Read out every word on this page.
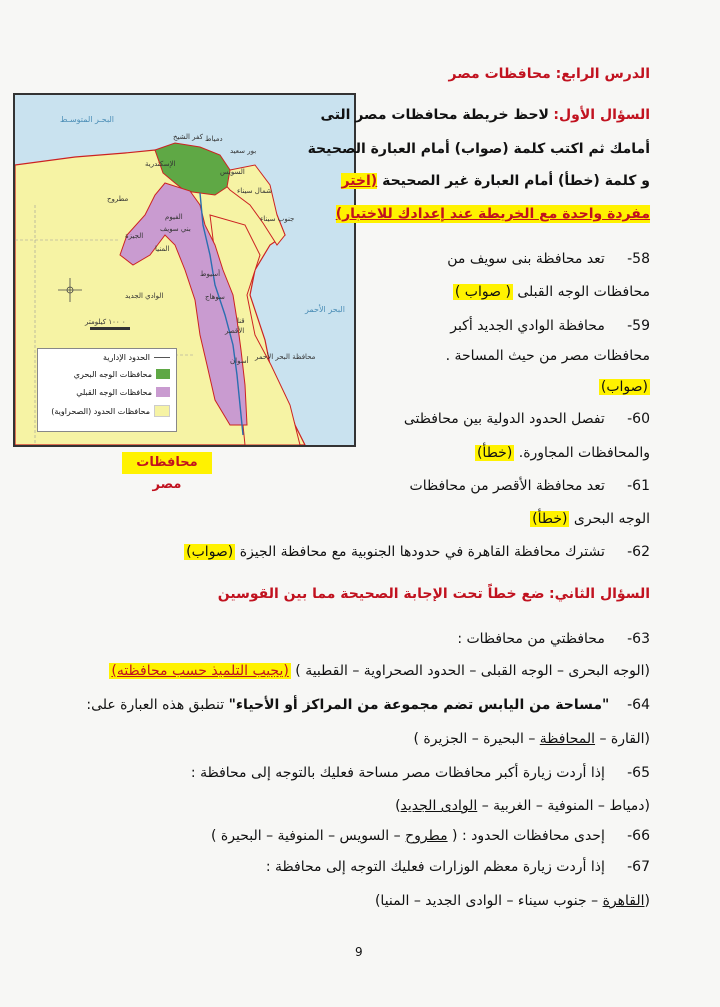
الدرس الرابع: محافظات مصر
البحـر المتوسـط
البحر الأحمر
مطروح
الوادي الجديد
الجيزة
الفيوم
بني سويف
المنيا
أسيوط
سوهاج
قنا
الأقصر
أسوان محافظة البحر الأحمر
جنوب سيناء
شمال سيناء
السويس
الإسكندرية
دمياط
بور سعيد
كفر الشيخ
٠ ١٠٠ كيلومتر
الحدود الإدارية
محافظات الوجه البحري
محافظات الوجه القبلي
محافظات الحدود (الصحراوية)
محافظات مصر
السؤال الأول: لاحظ خريطة محافظات مصر التى
أمامك ثم اكتب كلمة (صواب) أمام العبارة الصحيحة
و كلمة (خطأ) أمام العبارة غير الصحيحة (اختر
مفردة واحدة مع الخريطة عند إعدادك للاختبار)
58-     تعد محافظة بنى سويف من
محافظات الوجه القبلى ( صواب )
59-     محافظة الوادي الجديد أكبر
محافظات مصر من حيث المساحة .
(صواب)
60-     تفصل الحدود الدولية بين محافظتى
والمحافظات المجاورة. (خطأ)
61-     تعد محافظة الأقصر من محافظات
الوجه البحرى (خطأ)
62-     تشترك محافظة القاهرة في حدودها الجنوبية مع محافظة الجيزة (صواب)
السؤال الثاني: ضع خطاً تحت الإجابة الصحيحة مما بين القوسين
63-     محافظتي من محافظات :
(الوجه البحرى – الوجه القبلى – الحدود الصحراوية – القطبية ) (يجيب التلميذ حسب محافظته)
64-    "مساحة من اليابس تضم مجموعة من المراكز أو الأحياء" تنطبق هذه العبارة على:
(القارة – المحافظة – البحيرة – الجزيرة )
65-     إذا أردت زيارة أكبر محافظات مصر مساحة فعليك بالتوجه إلى محافظة :
(دمياط – المنوفية – الغربية – الوادى الجديد)
66-     إحدى محافظات الحدود : ( مطروح – السويس – المنوفية – البحيرة )
67-     إذا أردت زيارة معظم الوزارات فعليك التوجه إلى محافظة :
(القاهرة – جنوب سيناء – الوادى الجديد – المنيا)
9
